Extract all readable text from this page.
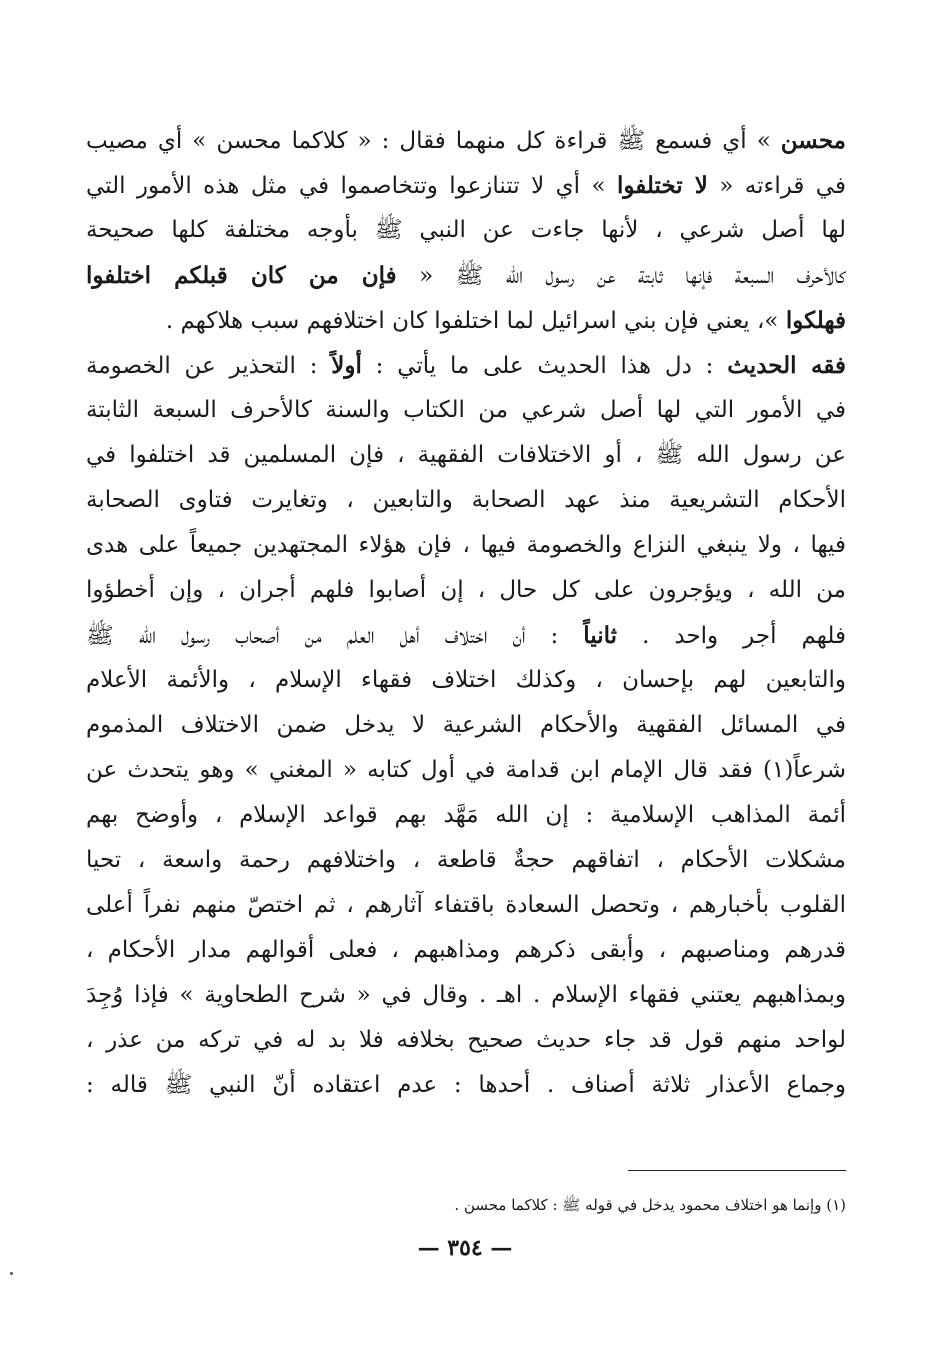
محسن » أي فسمع ﷺ قراءة كل منهما فقال : « كلاكما محسن » أي مصيب
في قراءته « لا تختلفوا » أي لا تتنازعوا وتتخاصموا في مثل هذه الأمور التي
لها أصل شرعي ، لأنها جاءت عن النبي ﷺ بأوجه مختلفة كلها صحيحة
كالأحرف السبعة فإنها ثابتة عن رسول الله ﷺ « فإن من كان قبلكم اختلفوا
فهلكوا »، يعني فإن بني اسرائيل لما اختلفوا كان اختلافهم سبب هلاكهم .
فقه الحديث : دل هذا الحديث على ما يأتي : أولاً : التحذير عن الخصومة
في الأمور التي لها أصل شرعي من الكتاب والسنة كالأحرف السبعة الثابتة
عن رسول الله ﷺ ، أو الاختلافات الفقهية ، فإن المسلمين قد اختلفوا في
الأحكام التشريعية منذ عهد الصحابة والتابعين ، وتغايرت فتاوى الصحابة
فيها ، ولا ينبغي النزاع والخصومة فيها ، فإن هؤلاء المجتهدين جميعاً على هدى
من الله ، ويؤجرون على كل حال ، إن أصابوا فلهم أجران ، وإن أخطؤوا
فلهم أجر واحد . ثانياً : أن اختلاف أهل العلم من أصحاب رسول الله ﷺ
والتابعين لهم بإحسان ، وكذلك اختلاف فقهاء الإسلام ، والأئمة الأعلام
في المسائل الفقهية والأحكام الشرعية لا يدخل ضمن الاختلاف المذموم
شرعاً(١) فقد قال الإمام ابن قدامة في أول كتابه « المغني » وهو يتحدث عن
أئمة المذاهب الإسلامية : إن الله مَهَّد بهم قواعد الإسلام ، وأوضح بهم
مشكلات الأحكام ، اتفاقهم حجةٌ قاطعة ، واختلافهم رحمة واسعة ، تحيا
القلوب بأخبارهم ، وتحصل السعادة باقتفاء آثارهم ، ثم اختصّ منهم نفراً أعلى
قدرهم ومناصبهم ، وأبقى ذكرهم ومذاهبهم ، فعلى أقوالهم مدار الأحكام ،
وبمذاهبهم يعتني فقهاء الإسلام . اهـ . وقال في « شرح الطحاوية » فإذا وُجِدَ
لواحد منهم قول قد جاء حديث صحيح بخلافه فلا بد له في تركه من عذر ،
وجماع الأعذار ثلاثة أصناف . أحدها : عدم اعتقاده أنّ النبي ﷺ قاله :
(١) وإنما هو اختلاف محمود يدخل في قوله ﷺ : كلاكما محسن .
— ٣٥٤ —
